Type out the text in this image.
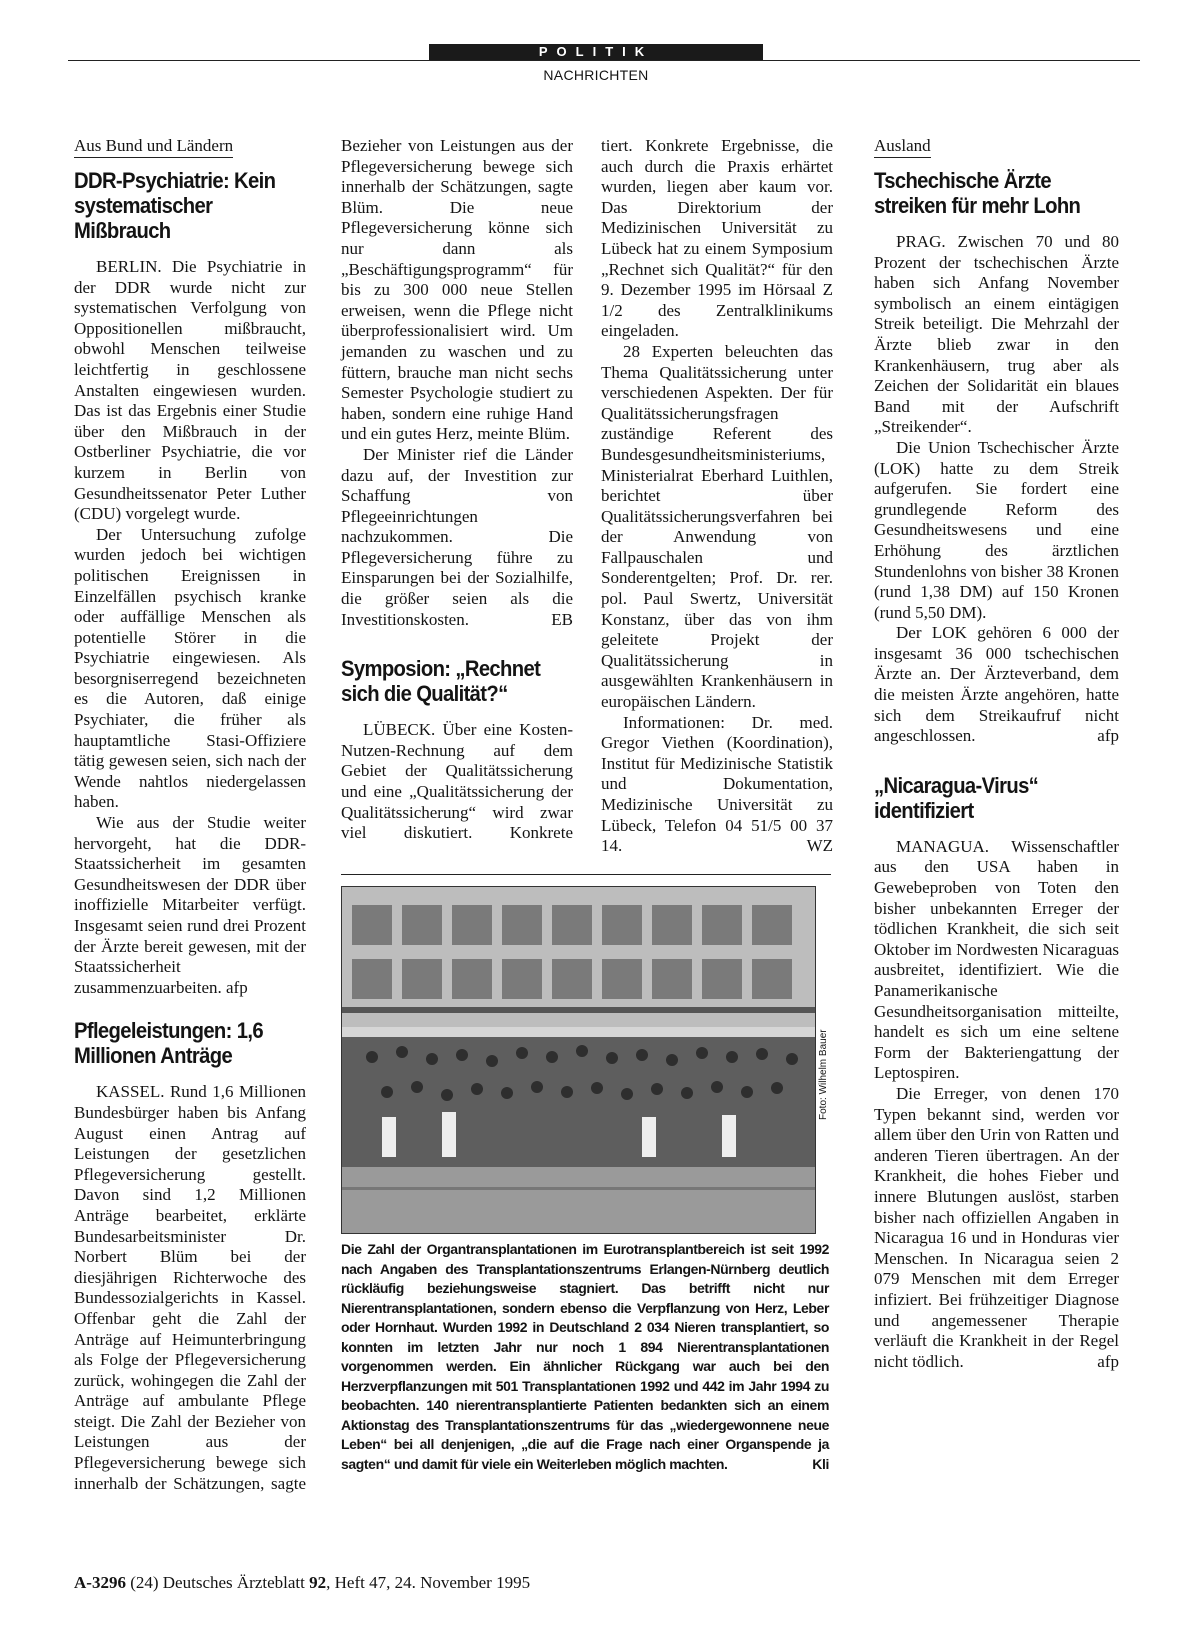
POLITIK
NACHRICHTEN
Aus Bund und Ländern
DDR-Psychiatrie: Kein systematischer Mißbrauch

BERLIN. Die Psychiatrie in der DDR wurde nicht zur systematischen Verfolgung von Oppositionellen mißbraucht, obwohl Menschen teilweise leichtfertig in geschlossene Anstalten eingewiesen wurden. Das ist das Ergebnis einer Studie über den Mißbrauch in der Ostberliner Psychiatrie, die vor kurzem in Berlin von Gesundheitssenator Peter Luther (CDU) vorgelegt wurde.

Der Untersuchung zufolge wurden jedoch bei wichtigen politischen Ereignissen in Einzelfällen psychisch kranke oder auffällige Menschen als potentielle Störer in die Psychiatrie eingewiesen. Als besorgniserregend bezeichneten es die Autoren, daß einige Psychiater, die früher als hauptamtliche Stasi-Offiziere tätig gewesen seien, sich nach der Wende nahtlos niedergelassen haben.

Wie aus der Studie weiter hervorgeht, hat die DDR-Staatssicherheit im gesamten Gesundheitswesen der DDR über inoffizielle Mitarbeiter verfügt. Insgesamt seien rund drei Prozent der Ärzte bereit gewesen, mit der Staatssicherheit zusammenzuarbeiten. afp

Pflegeleistungen: 1,6 Millionen Anträge

KASSEL. Rund 1,6 Millionen Bundesbürger haben bis Anfang August einen Antrag auf Leistungen der gesetzlichen Pflegeversicherung gestellt. Davon sind 1,2 Millionen Anträge bearbeitet, erklärte Bundesarbeitsminister Dr. Norbert Blüm bei der diesjährigen Richterwoche des Bundessozialgerichts in Kassel. Offenbar geht die Zahl der Anträge auf Heimunterbringung als Folge der Pflegeversicherung zurück, wohingegen die Zahl der Anträge auf ambulante Pflege steigt. Die Zahl der Bezieher von Leistungen aus der Pflegeversicherung bewege sich innerhalb der Schätzungen, sagte

Bezieher von Leistungen aus der Pflegeversicherung bewege sich innerhalb der Schätzungen, sagte Blüm. Die neue Pflegeversicherung könne sich nur dann als „Beschäftigungsprogramm“ für bis zu 300 000 neue Stellen erweisen, wenn die Pflege nicht überprofessionalisiert wird. Um jemanden zu waschen und zu füttern, brauche man nicht sechs Semester Psychologie studiert zu haben, sondern eine ruhige Hand und ein gutes Herz, meinte Blüm.

Der Minister rief die Länder dazu auf, der Investition zur Schaffung von Pflegeeinrichtungen nachzukommen. Die Pflegeversicherung führe zu Einsparungen bei der Sozialhilfe, die größer seien als die Investitionskosten.	EB

Symposion: „Rechnet sich die Qualität?“

LÜBECK. Über eine Kosten-Nutzen-Rechnung auf dem Gebiet der Qualitätssicherung und eine „Qualitätssicherung der Qualitätssicherung“ wird zwar viel diskutiert. Konkrete

tiert. Konkrete Ergebnisse, die auch durch die Praxis erhärtet wurden, liegen aber kaum vor. Das Direktorium der Medizinischen Universität zu Lübeck hat zu einem Symposium „Rechnet sich Qualität?“ für den 9. Dezember 1995 im Hörsaal Z 1/2 des Zentralklinikums eingeladen.

28 Experten beleuchten das Thema Qualitätssicherung unter verschiedenen Aspekten. Der für Qualitätssicherungsfragen zuständige Referent des Bundesgesundheitsministeriums, Ministerialrat Eberhard Luithlen, berichtet über Qualitätssicherungsverfahren bei der Anwendung von Fallpauschalen und Sonderentgelten; Prof. Dr. rer. pol. Paul Swertz, Universität Konstanz, über das von ihm geleitete Projekt der Qualitätssicherung in ausgewählten Krankenhäusern in europäischen Ländern.

Informationen: Dr. med. Gregor Viethen (Koordination), Institut für Medizinische Statistik und Dokumentation, Medizinische Universität zu Lübeck, Telefon 04 51/5 00 37 14.	WZ

Ausland
Tschechische Ärzte streiken für mehr Lohn

PRAG. Zwischen 70 und 80 Prozent der tschechischen Ärzte haben sich Anfang November symbolisch an einem eintägigen Streik beteiligt. Die Mehrzahl der Ärzte blieb zwar in den Krankenhäusern, trug aber als Zeichen der Solidarität ein blaues Band mit der Aufschrift „Streikender“.

Die Union Tschechischer Ärzte (LOK) hatte zu dem Streik aufgerufen. Sie fordert eine grundlegende Reform des Gesundheitswesens und eine Erhöhung des ärztlichen Stundenlohns von bisher 38 Kronen (rund 1,38 DM) auf 150 Kronen (rund 5,50 DM).

Der LOK gehören 6 000 der insgesamt 36 000 tschechischen Ärzte an. Der Ärzteverband, dem die meisten Ärzte angehören, hatte sich dem Streikaufruf nicht angeschlossen.	afp

„Nicaragua-Virus“ identifiziert

MANAGUA. Wissenschaftler aus den USA haben in Gewebeproben von Toten den bisher unbekannten Erreger der tödlichen Krankheit, die sich seit Oktober im Nordwesten Nicaraguas ausbreitet, identifiziert. Wie die Panamerikanische Gesundheitsorganisation mitteilte, handelt es sich um eine seltene Form der Bakteriengattung der Leptospiren.

Die Erreger, von denen 170 Typen bekannt sind, werden vor allem über den Urin von Ratten und anderen Tieren übertragen. An der Krankheit, die hohes Fieber und innere Blutungen auslöst, starben bisher nach offiziellen Angaben in Nicaragua 16 und in Honduras vier Menschen. In Nicaragua seien 2 079 Menschen mit dem Erreger infiziert. Bei frühzeitiger Diagnose und angemessener Therapie verläuft die Krankheit in der Regel nicht tödlich.	afp

Foto: Wilhelm Bauer
Die Zahl der Organtransplantationen im Eurotransplantbereich ist seit 1992 nach Angaben des Transplantationszentrums Erlangen-Nürnberg deutlich rückläufig beziehungsweise stagniert. Das betrifft nicht nur Nierentransplantationen, sondern ebenso die Verpflanzung von Herz, Leber oder Hornhaut. Wurden 1992 in Deutschland 2 034 Nieren transplantiert, so konnten im letzten Jahr nur noch 1 894 Nierentransplantationen vorgenommen werden. Ein ähnlicher Rückgang war auch bei den Herzverpflanzungen mit 501 Transplantationen 1992 und 442 im Jahr 1994 zu beobachten. 140 nierentransplantierte Patienten bedankten sich an einem Aktionstag des Transplantationszentrums für das „wiedergewonnene neue Leben“ bei all denjenigen, „die auf die Frage nach einer Organspende ja sagten“ und damit für viele ein Weiterleben möglich machten.	Kli
A-3296 (24) Deutsches Ärzteblatt 92, Heft 47, 24. November 1995
